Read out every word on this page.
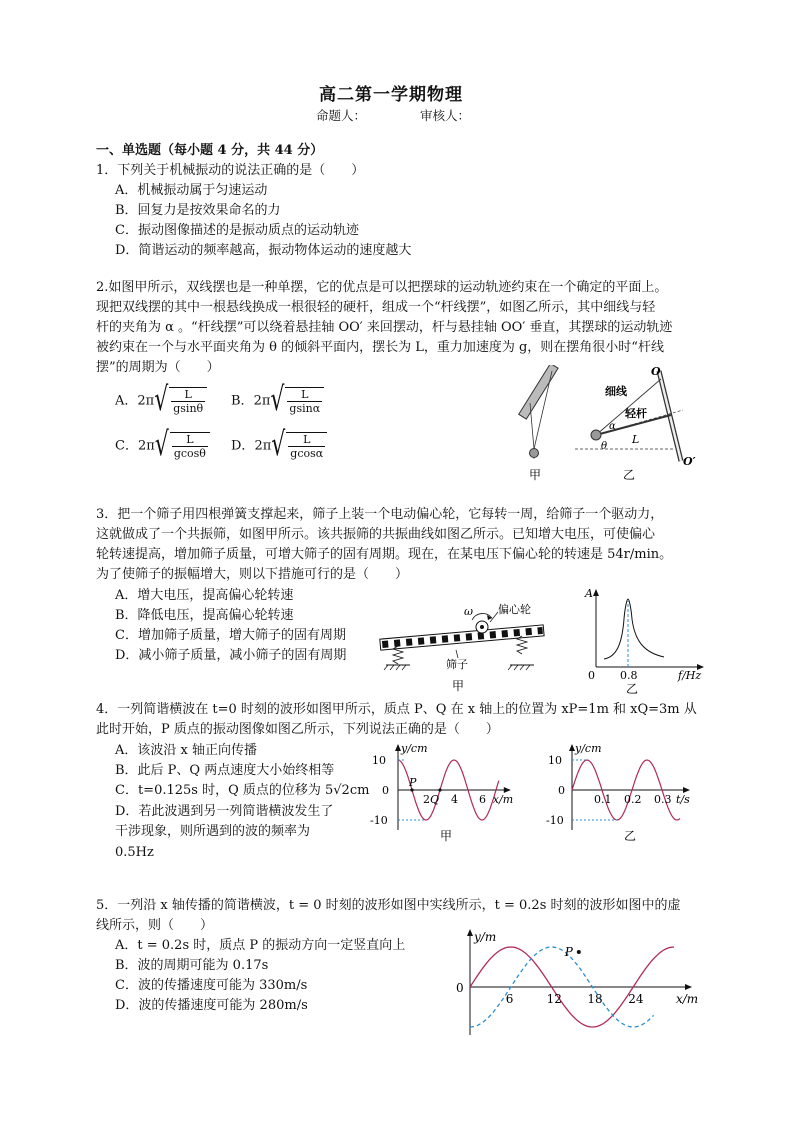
高二第一学期物理
命题人：	审核人：
一、单选题（每小题 4 分，共 44 分）
1．下列关于机械振动的说法正确的是（　　）
A．机械振动属于匀速运动
B．回复力是按效果命名的力
C．振动图像描述的是振动质点的运动轨迹
D．简谐运动的频率越高，振动物体运动的速度越大
2.如图甲所示，双线摆也是一种单摆，它的优点是可以把摆球的运动轨迹约束在一个确定的平面上。
现把双线摆的其中一根悬线换成一根很轻的硬杆，组成一个“杆线摆”，如图乙所示，其中细线与轻
杆的夹角为 α 。“杆线摆”可以绕着悬挂轴 OO′ 来回摆动，杆与悬挂轴 OO′ 垂直，其摆球的运动轨迹
被约束在一个与水平面夹角为 θ 的倾斜平面内，摆长为 L，重力加速度为 g，则在摆角很小时“杆线
摆”的周期为（　　）
A．$2\pi√ \frac{L}{gsin\theta}$ B．$2\pi√ \frac{L}{gsin\alpha}$
C．$2\pi√ \frac{L}{gcos\theta}$ D．$2\pi√ \frac{L}{gcos\alpha}$
甲
O
O′
细线
轻杆
α
L
θ
乙
3．把一个筛子用四根弹簧支撑起来，筛子上装一个电动偏心轮，它每转一周，给筛子一个驱动力，
这就做成了一个共振筛，如图甲所示。该共振筛的共振曲线如图乙所示。已知增大电压，可使偏心
轮转速提高，增加筛子质量，可增大筛子的固有周期。现在，在某电压下偏心轮的转速是 54r/min。
为了使筛子的振幅增大，则以下措施可行的是（　　）
A．增大电压，提高偏心轮转速
B．降低电压，提高偏心轮转速
C．增加筛子质量，增大筛子的固有周期
D．减小筛子质量，减小筛子的固有周期
ω 偏心轮
筛子
甲
A
0 0.8	f/Hz
乙
4．一列简谐横波在 t=0 时刻的波形如图甲所示，质点 P、Q 在 x 轴上的位置为 xP=1m 和 xQ=3m 从
此时开始，P 质点的振动图像如图乙所示，下列说法正确的是（　　）
A．该波沿 x 轴正向传播
B．此后 P、Q 两点速度大小始终相等
C．t=0.125s 时，Q 质点的位移为 5√2cm
D．若此波遇到另一列简谐横波发生了
干涉现象，则所遇到的波的频率为
0.5Hz
y/cm
x/m
10
0
-10
2 4 6
P
Q
甲
y/cm
t/s
10
0
-10
0.1 0.2 0.3
乙
5．一列沿 x 轴传播的简谐横波，t = 0 时刻的波形如图中实线所示，t = 0.2s 时刻的波形如图中的虚
线所示，则（　　）
A．t = 0.2s 时，质点 P 的振动方向一定竖直向上
B．波的周期可能为 0.17s
C．波的传播速度可能为 330m/s
D．波的传播速度可能为 280m/s
y/m
x/m
0
6	12 18 24
P
